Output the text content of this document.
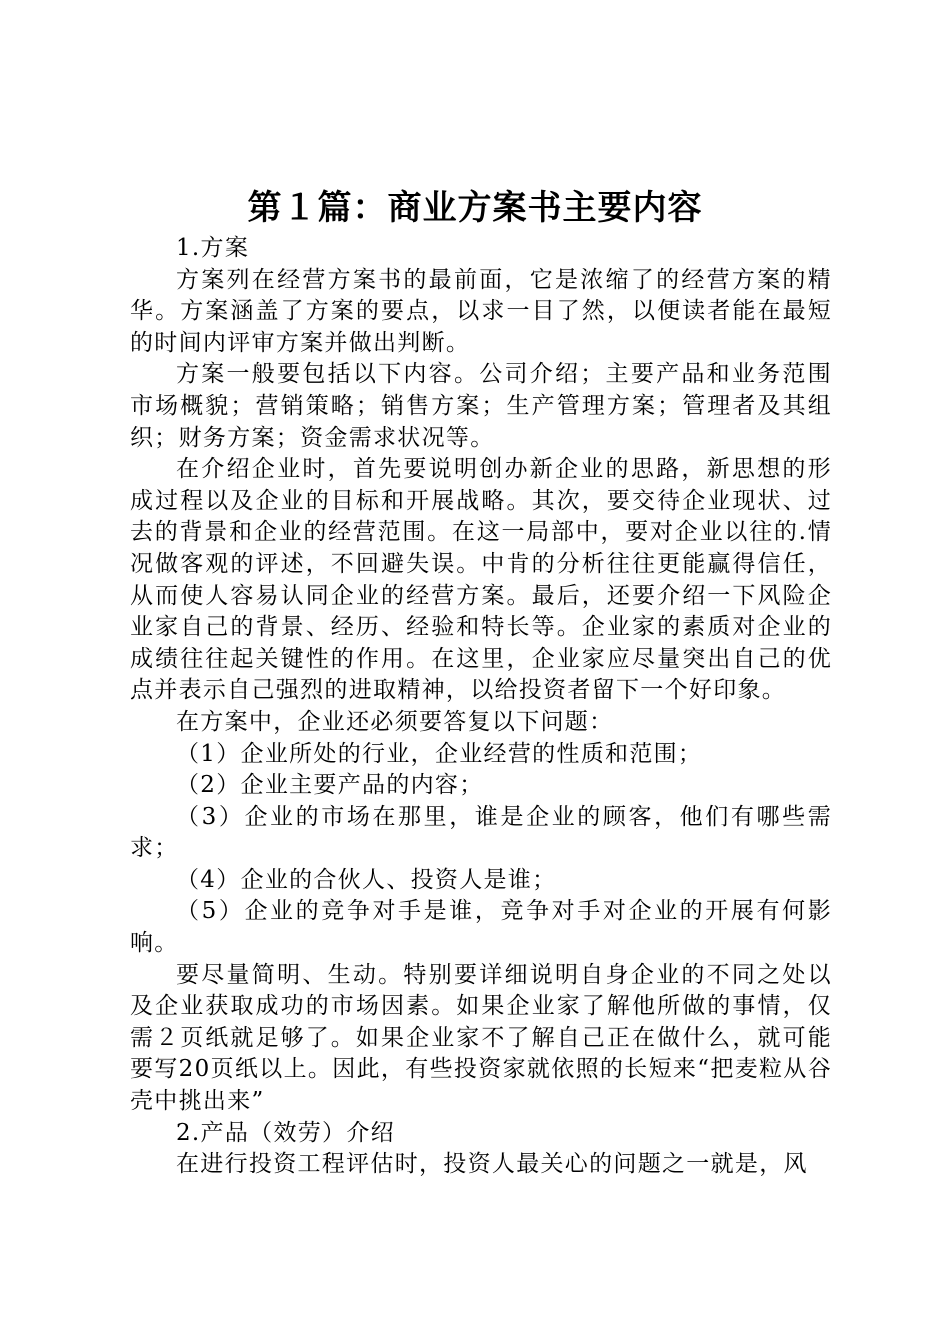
第１篇：商业方案书主要内容

1.方案

方案列在经营方案书的最前面，它是浓缩了的经营方案的精华。方案涵盖了方案的要点，以求一目了然，以便读者能在最短的时间内评审方案并做出判断。

方案一般要包括以下内容。公司介绍；主要产品和业务范围市场概貌；营销策略；销售方案；生产管理方案；管理者及其组织；财务方案；资金需求状况等。

在介绍企业时，首先要说明创办新企业的思路，新思想的形成过程以及企业的目标和开展战略。其次，要交待企业现状、过去的背景和企业的经营范围。在这一局部中，要对企业以往的.情况做客观的评述，不回避失误。中肯的分析往往更能赢得信任，从而使人容易认同企业的经营方案。最后，还要介绍一下风险企业家自己的背景、经历、经验和特长等。企业家的素质对企业的成绩往往起关键性的作用。在这里，企业家应尽量突出自己的优点并表示自己强烈的进取精神，以给投资者留下一个好印象。

在方案中，企业还必须要答复以下问题：

（1）企业所处的行业，企业经营的性质和范围；

（2）企业主要产品的内容；

（3）企业的市场在那里，谁是企业的顾客，他们有哪些需求；

（4）企业的合伙人、投资人是谁；

（5）企业的竞争对手是谁，竞争对手对企业的开展有何影响。

要尽量简明、生动。特别要详细说明自身企业的不同之处以及企业获取成功的市场因素。如果企业家了解他所做的事情，仅需２页纸就足够了。如果企业家不了解自己正在做什么，就可能要写20页纸以上。因此，有些投资家就依照的长短来“把麦粒从谷壳中挑出来”

2.产品（效劳）介绍

在进行投资工程评估时，投资人最关心的问题之一就是，风
